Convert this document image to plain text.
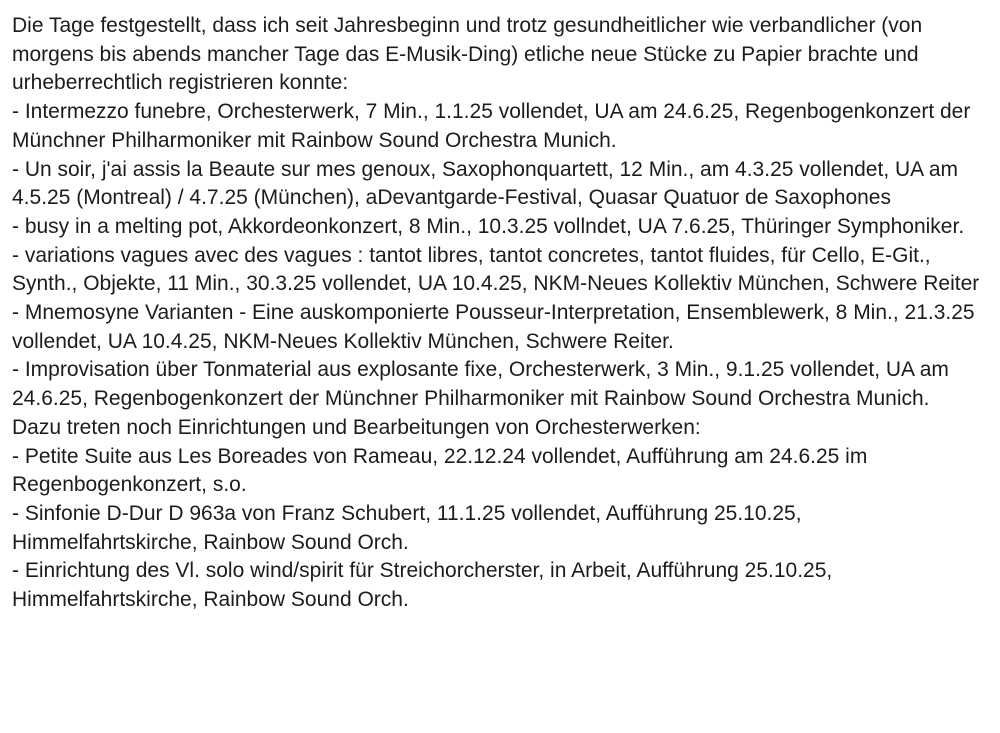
Die Tage festgestellt, dass ich seit Jahresbeginn und trotz gesundheitlicher wie verbandlicher (von morgens bis abends mancher Tage das E-Musik-Ding) etliche neue Stücke zu Papier brachte und urheberrechtlich registrieren konnte:

- Intermezzo funebre, Orchesterwerk, 7 Min., 1.1.25 vollendet, UA am 24.6.25, Regenbogenkonzert der Münchner Philharmoniker mit Rainbow Sound Orchestra Munich.

- Un soir, j'ai assis la Beaute sur mes genoux, Saxophonquartett, 12 Min., am 4.3.25 vollendet, UA am 4.5.25 (Montreal) / 4.7.25 (München), aDevantgarde-Festival, Quasar Quatuor de Saxophones

- busy in a melting pot, Akkordeonkonzert, 8 Min., 10.3.25 vollndet, UA 7.6.25, Thüringer Symphoniker.

- variations vagues avec des vagues : tantot libres, tantot concretes, tantot fluides, für Cello, E-Git., Synth., Objekte, 11 Min., 30.3.25 vollendet, UA 10.4.25, NKM-Neues Kollektiv München, Schwere Reiter

- Mnemosyne Varianten - Eine auskomponierte Pousseur-Interpretation, Ensemblewerk, 8 Min., 21.3.25 vollendet, UA 10.4.25, NKM-Neues Kollektiv München, Schwere Reiter.

- Improvisation über Tonmaterial aus explosante fixe, Orchesterwerk, 3 Min., 9.1.25 vollendet, UA am 24.6.25, Regenbogenkonzert der Münchner Philharmoniker mit Rainbow Sound Orchestra Munich.

Dazu treten noch Einrichtungen und Bearbeitungen von Orchesterwerken:

- Petite Suite aus Les Boreades von Rameau, 22.12.24 vollendet, Aufführung am 24.6.25 im Regenbogenkonzert, s.o.

- Sinfonie D-Dur D 963a von Franz Schubert, 11.1.25 vollendet, Aufführung 25.10.25, Himmelfahrtskirche, Rainbow Sound Orch.

- Einrichtung des Vl. solo wind/spirit für Streichorcherster, in Arbeit, Aufführung 25.10.25, Himmelfahrtskirche, Rainbow Sound Orch.
